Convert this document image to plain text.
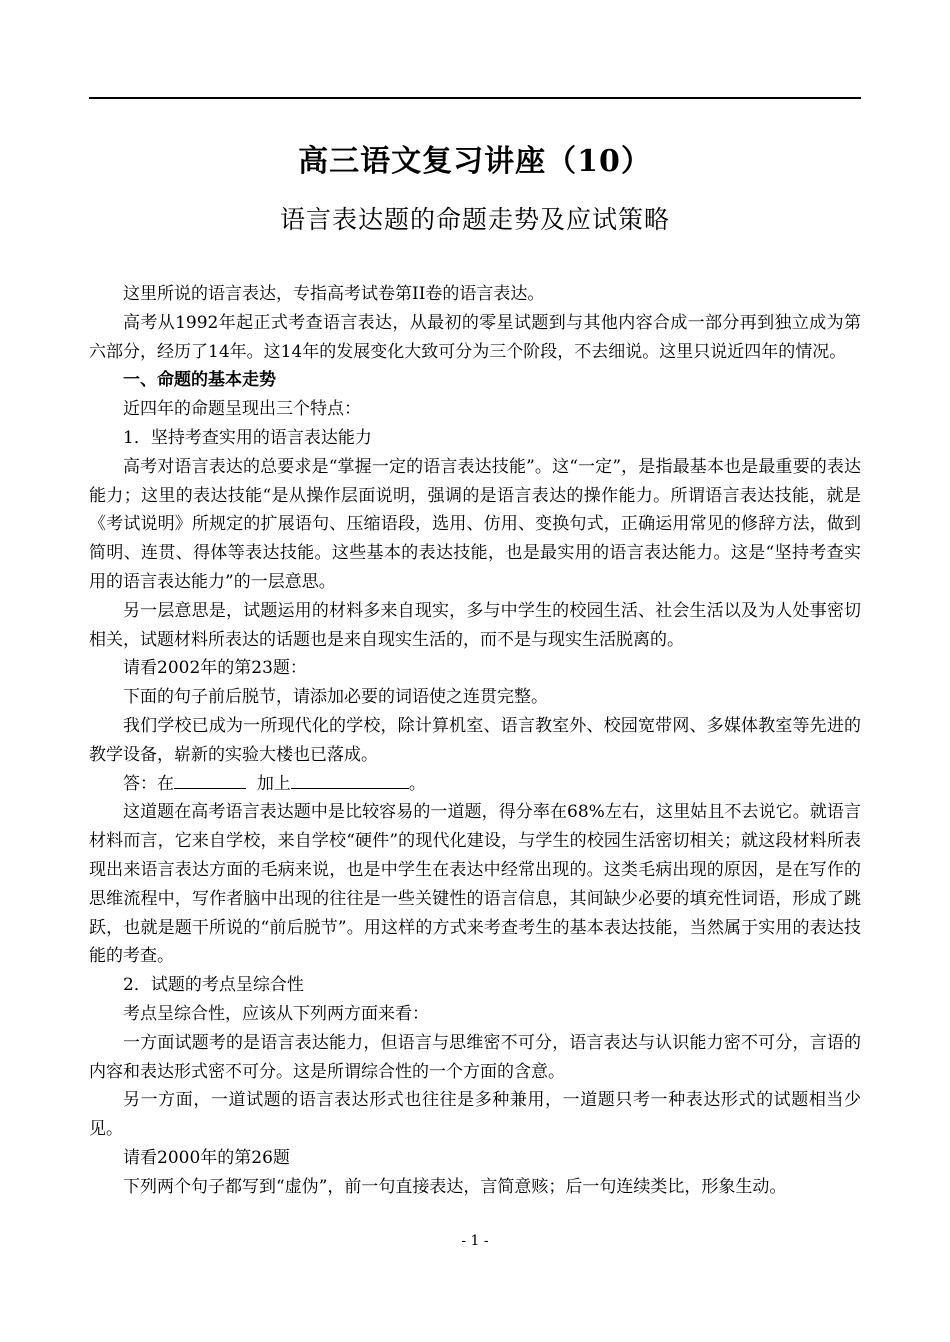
高三语文复习讲座（10）
语言表达题的命题走势及应试策略

这里所说的语言表达，专指高考试卷第II卷的语言表达。

高考从1992年起正式考查语言表达，从最初的零星试题到与其他内容合成一部分再到独立成为第六部分，经历了14年。这14年的发展变化大致可分为三个阶段，不去细说。这里只说近四年的情况。

一、命题的基本走势

近四年的命题呈现出三个特点：

1．坚持考查实用的语言表达能力

高考对语言表达的总要求是“掌握一定的语言表达技能”。这“一定”，是指最基本也是最重要的表达能力；这里的表达技能“是从操作层面说明，强调的是语言表达的操作能力。所谓语言表达技能，就是《考试说明》所规定的扩展语句、压缩语段，选用、仿用、变换句式，正确运用常见的修辞方法，做到简明、连贯、得体等表达技能。这些基本的表达技能，也是最实用的语言表达能力。这是“坚持考查实用的语言表达能力”的一层意思。

另一层意思是，试题运用的材料多来自现实，多与中学生的校园生活、社会生活以及为人处事密切相关，试题材料所表达的话题也是来自现实生活的，而不是与现实生活脱离的。

请看2002年的第23题：

下面的句子前后脱节，请添加必要的词语使之连贯完整。

我们学校已成为一所现代化的学校，除计算机室、语言教室外、校园宽带网、多媒体教室等先进的教学设备，崭新的实验大楼也已落成。

答：在	加上	。

这道题在高考语言表达题中是比较容易的一道题，得分率在68%左右，这里姑且不去说它。就语言材料而言，它来自学校，来自学校“硬件”的现代化建设，与学生的校园生活密切相关；就这段材料所表现出来语言表达方面的毛病来说，也是中学生在表达中经常出现的。这类毛病出现的原因，是在写作的思维流程中，写作者脑中出现的往往是一些关键性的语言信息，其间缺少必要的填充性词语，形成了跳跃，也就是题干所说的“前后脱节”。用这样的方式来考查考生的基本表达技能，当然属于实用的表达技能的考查。

2．试题的考点呈综合性

考点呈综合性，应该从下列两方面来看：

一方面试题考的是语言表达能力，但语言与思维密不可分，语言表达与认识能力密不可分，言语的内容和表达形式密不可分。这是所谓综合性的一个方面的含意。

另一方面，一道试题的语言表达形式也往往是多种兼用，一道题只考一种表达形式的试题相当少见。

请看2000年的第26题

下列两个句子都写到“虚伪”，前一句直接表达，言简意赅；后一句连续类比，形象生动。

- 1 -
